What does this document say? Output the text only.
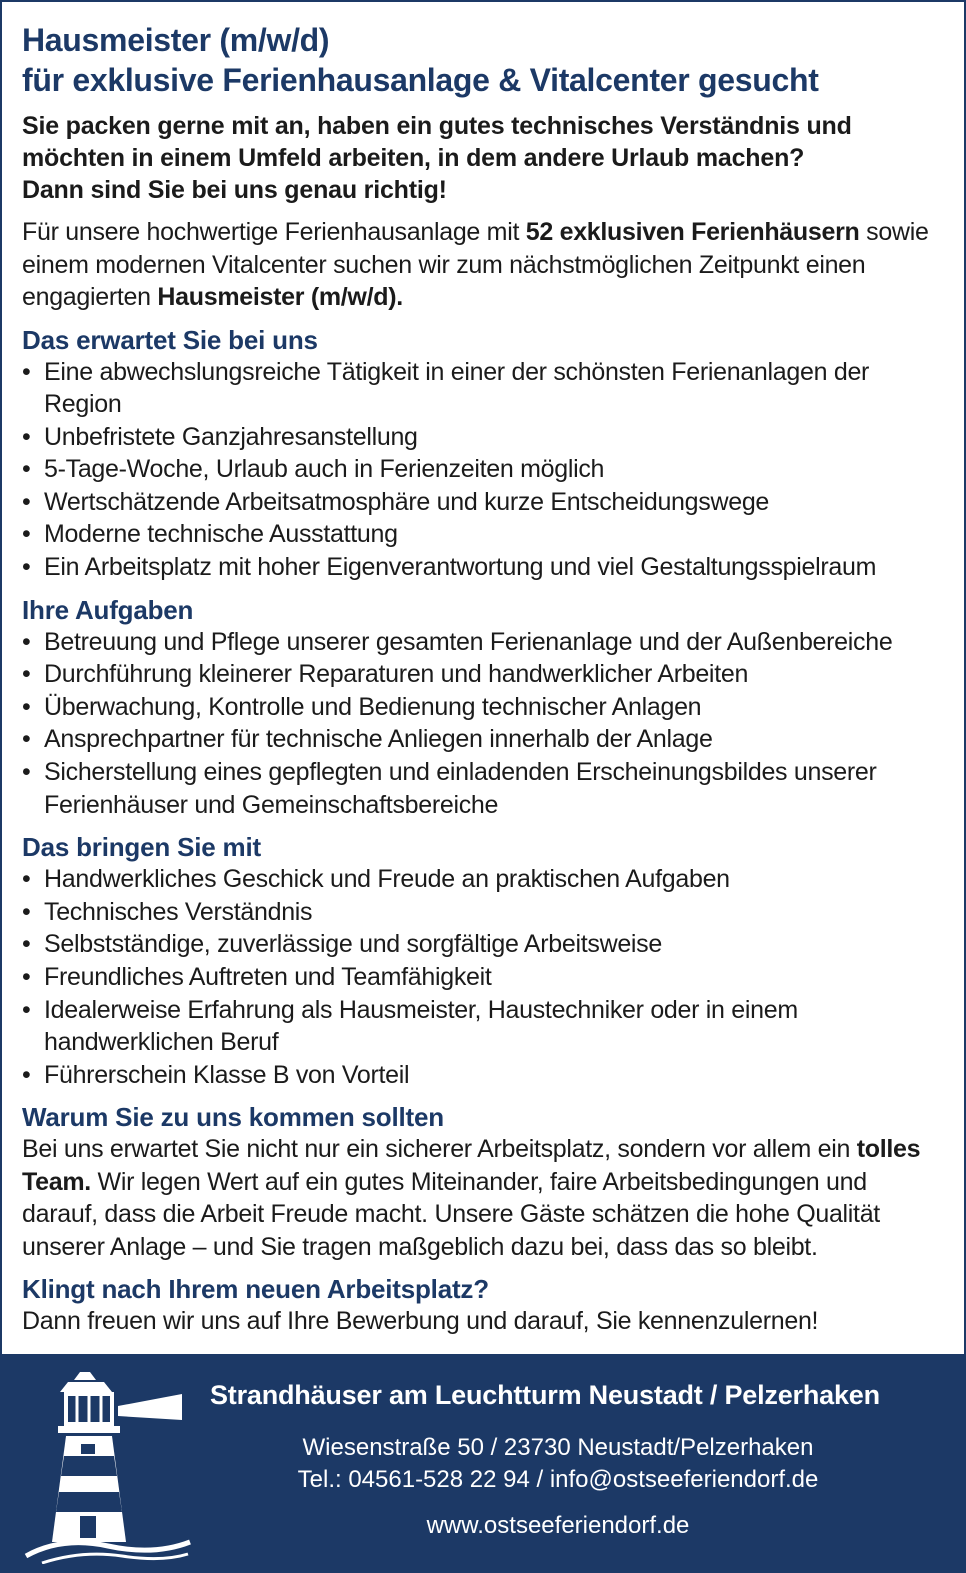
Hausmeister (m/w/d)
für exklusive Ferienhausanlage & Vitalcenter gesucht
Sie packen gerne mit an, haben ein gutes technisches Verständnis und
möchten in einem Umfeld arbeiten, in dem andere Urlaub machen?
Dann sind Sie bei uns genau richtig!

Für unsere hochwertige Ferienhausanlage mit 52 exklusiven Ferienhäusern sowie einem modernen Vitalcenter suchen wir zum nächstmöglichen Zeitpunkt einen engagierten Hausmeister (m/w/d).

Das erwartet Sie bei uns
• Eine abwechslungsreiche Tätigkeit in einer der schönsten Ferienanlagen der Region
• Unbefristete Ganzjahresanstellung
• 5-Tage-Woche, Urlaub auch in Ferienzeiten möglich
• Wertschätzende Arbeitsatmosphäre und kurze Entscheidungswege
• Moderne technische Ausstattung
• Ein Arbeitsplatz mit hoher Eigenverantwortung und viel Gestaltungsspielraum
Ihre Aufgaben
• Betreuung und Pflege unserer gesamten Ferienanlage und der Außenbereiche
• Durchführung kleinerer Reparaturen und handwerklicher Arbeiten
• Überwachung, Kontrolle und Bedienung technischer Anlagen
• Ansprechpartner für technische Anliegen innerhalb der Anlage
• Sicherstellung eines gepflegten und einladenden Erscheinungsbildes unserer Ferienhäuser und Gemeinschaftsbereiche
Das bringen Sie mit
• Handwerkliches Geschick und Freude an praktischen Aufgaben
• Technisches Verständnis
• Selbstständige, zuverlässige und sorgfältige Arbeitsweise
• Freundliches Auftreten und Teamfähigkeit
• Idealerweise Erfahrung als Hausmeister, Haustechniker oder in einem handwerklichen Beruf
• Führerschein Klasse B von Vorteil
Warum Sie zu uns kommen sollten

Bei uns erwartet Sie nicht nur ein sicherer Arbeitsplatz, sondern vor allem ein tolles Team. Wir legen Wert auf ein gutes Miteinander, faire Arbeitsbedingungen und darauf, dass die Arbeit Freude macht. Unsere Gäste schätzen die hohe Qualität unserer Anlage – und Sie tragen maßgeblich dazu bei, dass das so bleibt.

Klingt nach Ihrem neuen Arbeitsplatz?

Dann freuen wir uns auf Ihre Bewerbung und darauf, Sie kennenzulernen!

Strandhäuser am Leuchtturm Neustadt / Pelzerhaken
Wiesenstraße 50 / 23730 Neustadt/Pelzerhaken
Tel.: 04561-528 22 94 / info@ostseeferiendorf.de
www.ostseeferiendorf.de
